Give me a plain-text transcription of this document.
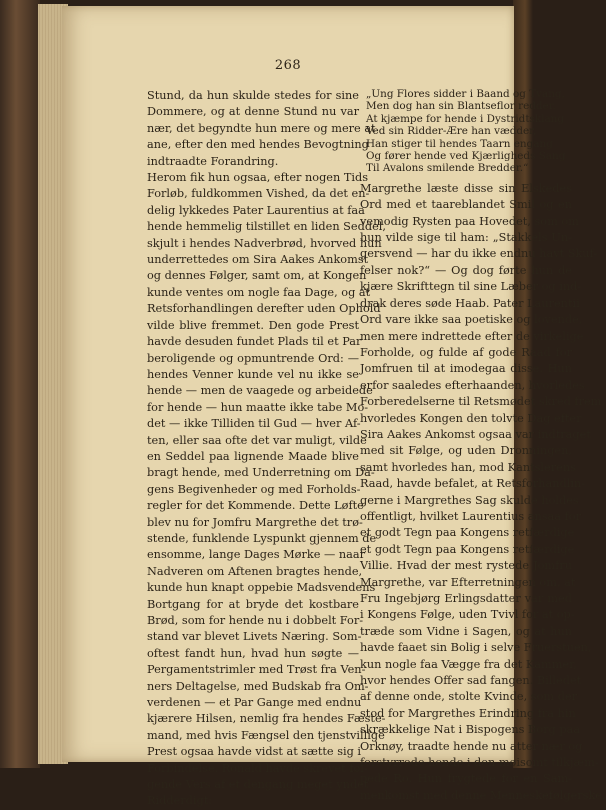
268
Stund, da hun skulde stedes for sine
Dommere, og at denne Stund nu var
nær, det begyndte hun mere og mere at
ane, efter den med hendes Bevogtning
indtraadte Forandring.
Herom fik hun ogsaa, efter nogen Tids
Forløb, fuldkommen Vished, da det en-
delig lykkedes Pater Laurentius at faa
hende hemmelig tilstillet en liden Seddel,
skjult i hendes Nadverbrød, hvorved hun
underrettedes om Sira Aakes Ankomst
og dennes Følger, samt om, at Kongen
kunde ventes om nogle faa Dage, og at
Retsforhandlingen derefter uden Ophold
vilde blive fremmet. Den gode Prest
havde desuden fundet Plads til et Par
beroligende og opmuntrende Ord: —
hendes Venner kunde vel nu ikke se
hende — men de vaagede og arbeidede
for hende — hun maatte ikke tabe Mo-
det — ikke Tilliden til Gud — hver Af-
ten, eller saa ofte det var muligt, vilde
en Seddel paa lignende Maade blive
bragt hende, med Underretning om Da-
gens Begivenheder og med Forholds-
regler for det Kommende. Dette Løfte
blev nu for Jomfru Margrethe det trø-
stende, funklende Lyspunkt gjennem de
ensomme, lange Dages Mørke — naar
Nadveren om Aftenen bragtes hende,
kunde hun knapt oppebie Madsvendens
Bortgang for at bryde det kostbare
Brød, som for hende nu i dobbelt For-
stand var blevet Livets Næring. Som-
oftest fandt hun, hvad hun søgte —
Pergamentstrimler med Trøst fra Ven-
ners Deltagelse, med Budskab fra Om-
verdenen — et Par Gange med endnu
kjærere Hilsen, nemlig fra hendes Fæste-
mand, med hvis Fængsel den tjenstvillige
Prest ogsaa havde vidst at sætte sig i
Forbindelse. Ronald havde skrevet føl-
gende Vers af et dengang meget yndet
Ridderdigt:
„Ung Flores sidder i Baand og Tvang,
Men dog han sin Blantseflor redder.
At kjæmpe for hende i Dystridtsklang
Ved sin Ridder-Ære han vædder,
Han stiger til hendes Taarn engang
Og fører hende ved Kjærligheds Sang
Til Avalons smilende Bredder.“
Margrethe læste disse sin Elskedes
Ord med et taareblandet Smil og en
vemodig Rysten paa Hovedet, som om
hun vilde sige til ham: „Stakkels Un-
gersvend — har du ikke endnu havt Skuf-
felser nok?“ — Og dog førte hun de
kjære Skrifttegn til sine Læber og ind-
drak deres søde Haab. Pater Laurentii
Ord vare ikke saa poetiske og lovende,
men mere indrettede efter de virkelige
Forholde, og fulde af gode Raad for
Jomfruen til at imodegaa disse. Hun
erfor saaledes efterhaanden, hvorledes
Forberedelserne til Retsmødet skred frem,
hvorledes Kongen den tolvte Dag efter
Sira Aakes Ankomst ogsaa var indtraget
med sit Følge, og uden Dronningen,
samt hvorledes han, mod Kantslerens
Raad, havde befalet, at Retsforhandlin-
gerne i Margrethes Sag skulde holdes
offentligt, hvilket Laurentius ansaa for
et godt Tegn paa Kongens retfærdige
et godt Tegn paa Kongens retfærdige
Villie. Hvad der mest rystede Jomfru
Margrethe, var Efterretningen om, at
Fru Ingebjørg Erlingsdatter var med
i Kongens Følge, uden Tvivl for at op-
træde som Vidne i Sagen, og at hun
havde faaet sin Bolig i selve Fruerstuen,
kun nogle faa Vægge fra det Kammer,
hvor hendes Offer sad fangen. Billedet
af denne onde, stolte Kvinde, som der
stod for Margrethes Erindring fra hin
skrækkelige Nat i Bispogens Borg paa
Orknøy, traadte hende nu atter nær og
forstyrrede hende i den møisomt tilkjæm-
pede Ro. Hun frygtede for en Sam-
menkomst med denne Menneskefølgerske,
